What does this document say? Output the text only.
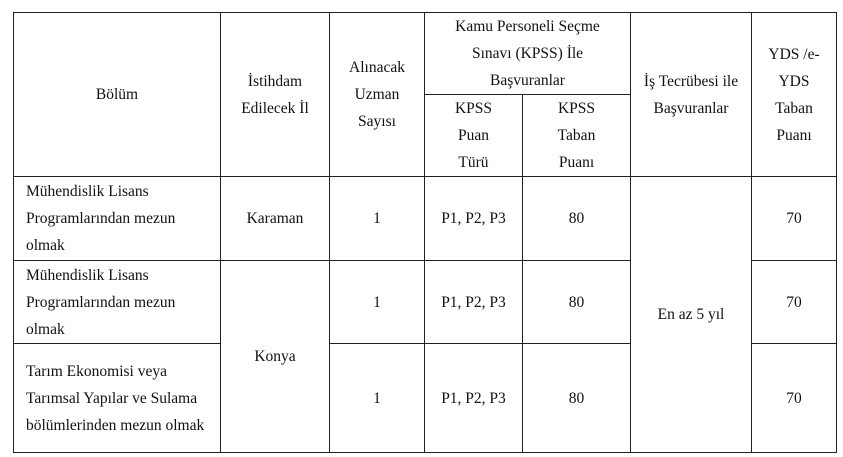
Bölüm	İstihdam Edilecek İl	Alınacak Uzman Sayısı	Kamu Personeli Seçme Sınavı (KPSS) İle Başvuranlar		İş Tecrübesi ile Başvuranlar	YDS /e-YDS Taban Puanı
			KPSS Puan Türü	KPSS Taban Puanı		

Mühendislik Lisans Programlarından mezun olmak	Karaman	1	P1, P2, P3	80	En az 5 yıl	70

Mühendislik Lisans Programlarından mezun olmak	Konya	1	P1, P2, P3	80		70

Tarım Ekonomisi veya Tarımsal Yapılar ve Sulama bölümlerinden mezun olmak		1	P1, P2, P3	80		70
